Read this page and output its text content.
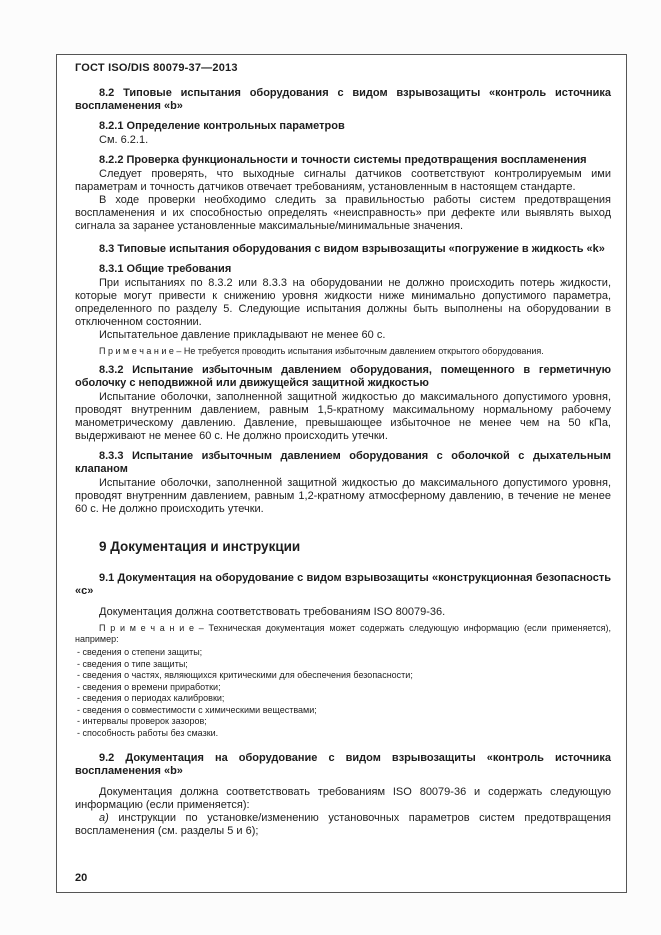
ГОСТ ISO/DIS 80079-37—2013
8.2 Типовые испытания оборудования с видом взрывозащиты «контроль источника воспламенения «b»
8.2.1 Определение контрольных параметров
См. 6.2.1.
8.2.2 Проверка функциональности и точности системы предотвращения воспламенения
Следует проверять, что выходные сигналы датчиков соответствуют контролируемым ими параметрам и точность датчиков отвечает требованиям, установленным в настоящем стандарте.
В ходе проверки необходимо следить за правильностью работы систем предотвращения воспламенения и их способностью определять «неисправность» при дефекте или выявлять выход сигнала за заранее установленные максимальные/минимальные значения.
8.3 Типовые испытания оборудования с видом взрывозащиты «погружение в жидкость «k»
8.3.1 Общие требования
При испытаниях по 8.3.2 или 8.3.3 на оборудовании не должно происходить потерь жидкости, которые могут привести к снижению уровня жидкости ниже минимально допустимого параметра, определенного по разделу 5. Следующие испытания должны быть выполнены на оборудовании в отключенном состоянии.
Испытательное давление прикладывают не менее 60 с.
П р и м е ч а н и е – Не требуется проводить испытания избыточным давлением открытого оборудования.
8.3.2 Испытание избыточным давлением оборудования, помещенного в герметичную оболочку с неподвижной или движущейся защитной жидкостью
Испытание оболочки, заполненной защитной жидкостью до максимального допустимого уровня, проводят внутренним давлением, равным 1,5-кратному максимальному нормальному рабочему манометрическому давлению. Давление, превышающее избыточное не менее чем на 50 кПа, выдерживают не менее 60 с. Не должно происходить утечки.
8.3.3 Испытание избыточным давлением оборудования с оболочкой с дыхательным клапаном
Испытание оболочки, заполненной защитной жидкостью до максимального допустимого уровня, проводят внутренним давлением, равным 1,2-кратному атмосферному давлению, в течение не менее 60 с. Не должно происходить утечки.
9 Документация и инструкции
9.1 Документация на оборудование с видом взрывозащиты «конструкционная безопасность «с»
Документация должна соответствовать требованиям ISO 80079-36.
П р и м е ч а н и е – Техническая документация может содержать следующую информацию (если применяется), например:
- сведения о степени защиты;
- сведения о типе защиты;
- сведения о частях, являющихся критическими для обеспечения безопасности;
- сведения о времени приработки;
- сведения о периодах калибровки;
- сведения о совместимости с химическими веществами;
- интервалы проверок зазоров;
- способность работы без смазки.
9.2 Документация на оборудование с видом взрывозащиты «контроль источника воспламенения «b»
Документация должна соответствовать требованиям ISO 80079-36 и содержать следующую информацию (если применяется):
а) инструкции по установке/изменению установочных параметров систем предотвращения воспламенения (см. разделы 5 и 6);
20
